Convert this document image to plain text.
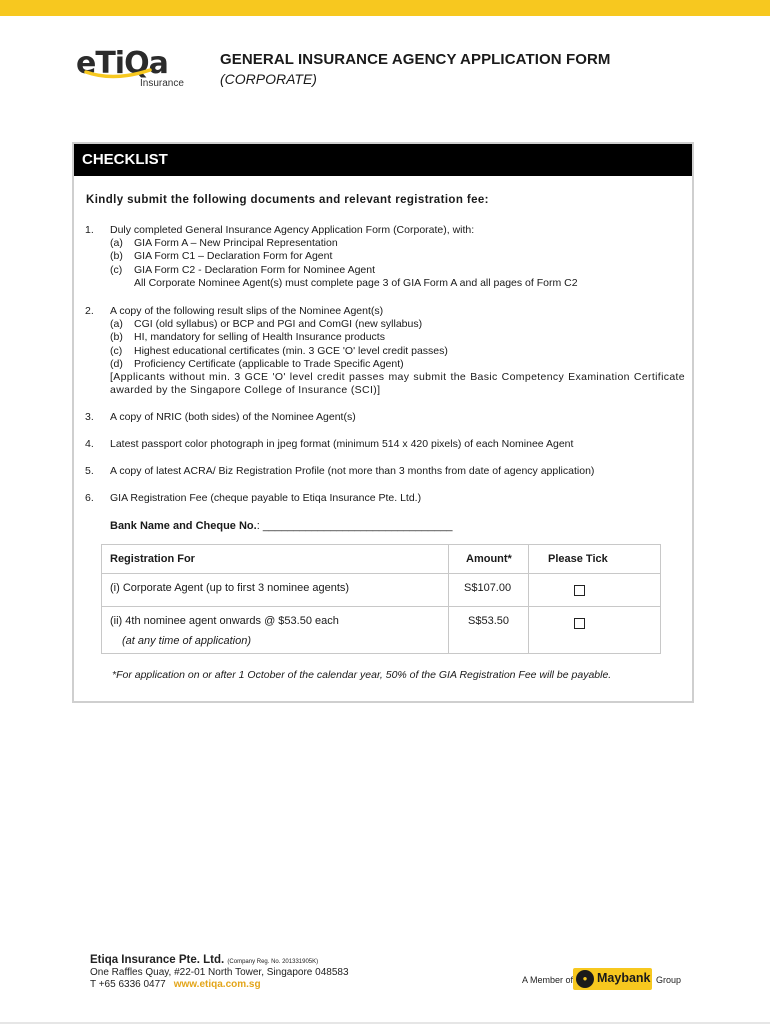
eTiQa
Insurance
GENERAL INSURANCE AGENCY APPLICATION FORM
(CORPORATE)
CHECKLIST
Kindly submit the following documents and relevant registration fee:
1. Duly completed General Insurance Agency Application Form (Corporate), with:
(a) GIA Form A – New Principal Representation
(b) GIA Form C1 – Declaration Form for Agent
(c) GIA Form C2 - Declaration Form for Nominee Agent
All Corporate Nominee Agent(s) must complete page 3 of GIA Form A and all pages of Form C2
2. A copy of the following result slips of the Nominee Agent(s)
(a) CGI (old syllabus) or BCP and PGI and ComGI (new syllabus)
(b) HI, mandatory for selling of Health Insurance products
(c) Highest educational certificates (min. 3 GCE 'O' level credit passes)
(d) Proficiency Certificate (applicable to Trade Specific Agent)
[Applicants without min. 3 GCE 'O' level credit passes may submit the Basic Competency Examination Certificate awarded by the Singapore College of Insurance (SCI)]
3. A copy of NRIC (both sides) of the Nominee Agent(s)
4. Latest passport color photograph in jpeg format (minimum 514 x 420 pixels) of each Nominee Agent
5. A copy of latest ACRA/ Biz Registration Profile (not more than 3 months from date of agency application)
6. GIA Registration Fee (cheque payable to Etiqa Insurance Pte. Ltd.)
Bank Name and Cheque No.: _______________________________
Registration For	Amount*	Please Tick
(i) Corporate Agent (up to first 3 nominee agents)	S$107.00
(ii) 4th nominee agent onwards @ $53.50 each
(at any time of application)
S$53.50
*For application on or after 1 October of the calendar year, 50% of the GIA Registration Fee will be payable.
Etiqa Insurance Pte. Ltd. (Company Reg. No. 201331905K)
One Raffles Quay, #22-01 North Tower, Singapore 048583
T +65 6336 0477 www.etiqa.com.sg	A Member of	● Maybank Group
